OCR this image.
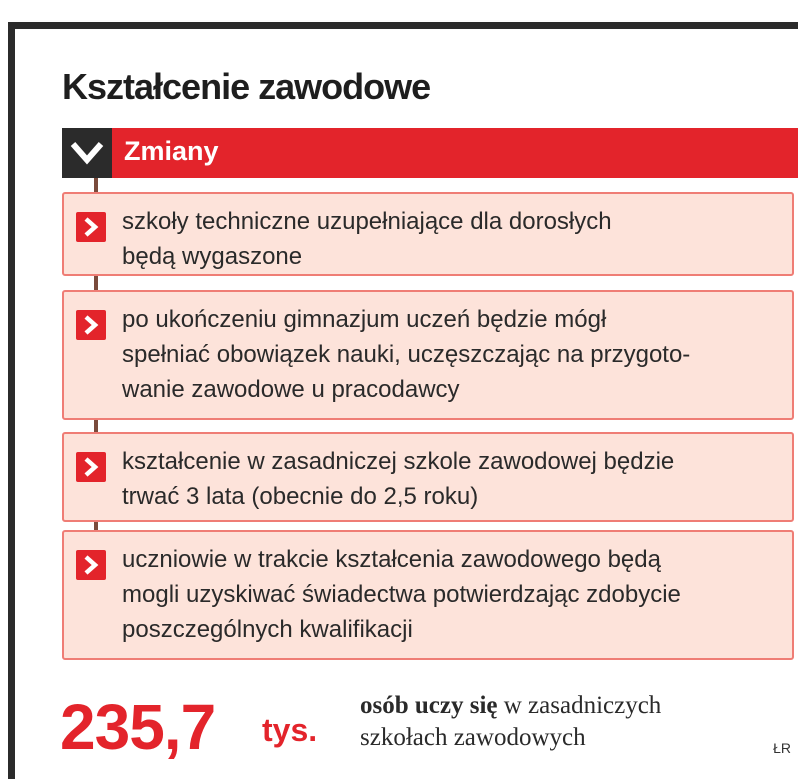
Kształcenie zawodowe
Zmiany
szkoły techniczne uzupełniające dla dorosłych
będą wygaszone
po ukończeniu gimnazjum uczeń będzie mógł
spełniać obowiązek nauki, uczęszczając na przygoto-
wanie zawodowe u pracodawcy
kształcenie w zasadniczej szkole zawodowej będzie
trwać 3 lata (obecnie do 2,5 roku)
uczniowie w trakcie kształcenia zawodowego będą
mogli uzyskiwać świadectwa potwierdzając zdobycie
poszczególnych kwalifikacji
235,7 tys.
osób uczy się w zasadniczych
szkołach zawodowych	ŁR
